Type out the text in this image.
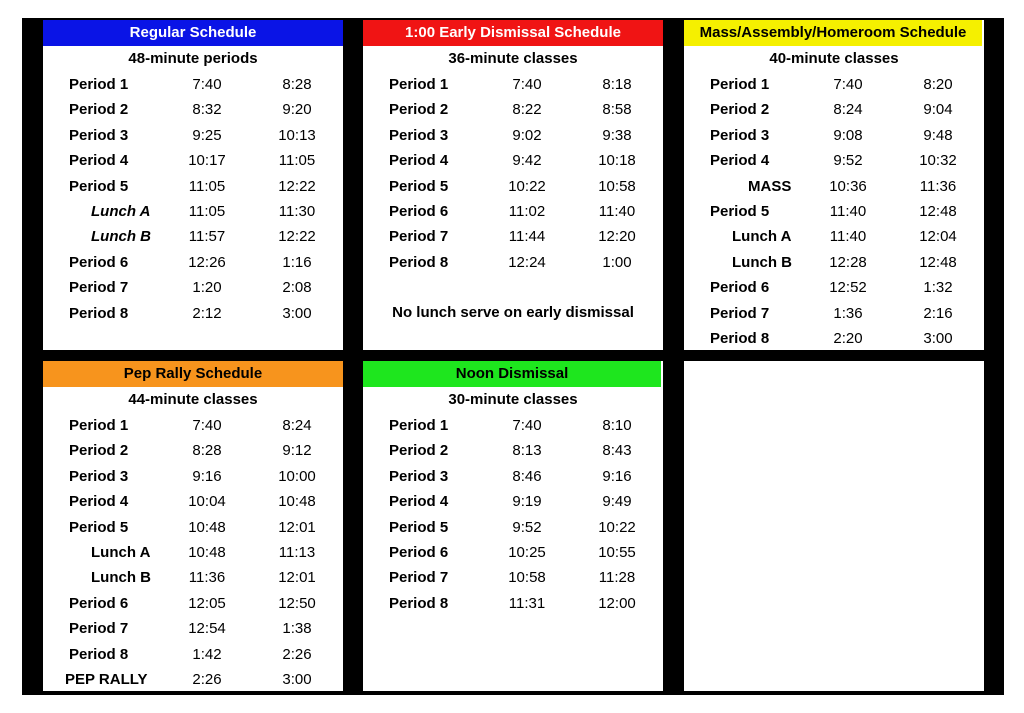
Regular Schedule
48-minute periods
Period 1	7:40	8:28
Period 2	8:32	9:20
Period 3	9:25	10:13
Period 4	10:17	11:05
Period 5	11:05	12:22
Lunch A	11:05	11:30
Lunch B	11:57	12:22
Period 6	12:26	1:16
Period 7	1:20	2:08
Period 8	2:12	3:00
1:00 Early Dismissal Schedule
36-minute classes
Period 1	7:40	8:18
Period 2	8:22	8:58
Period 3	9:02	9:38
Period 4	9:42	10:18
Period 5	10:22	10:58
Period 6	11:02	11:40
Period 7	11:44	12:20
Period 8	12:24	1:00
No lunch serve on early dismissal
Mass/Assembly/Homeroom Schedule
40-minute classes
Period 1	7:40	8:20
Period 2	8:24	9:04
Period 3	9:08	9:48
Period 4	9:52	10:32
MASS	10:36	11:36
Period 5	11:40	12:48
Lunch A	11:40	12:04
Lunch B	12:28	12:48
Period 6	12:52	1:32
Period 7	1:36	2:16
Period 8	2:20	3:00
Pep Rally Schedule
44-minute classes
Period 1	7:40	8:24
Period 2	8:28	9:12
Period 3	9:16	10:00
Period 4	10:04	10:48
Period 5	10:48	12:01
Lunch A	10:48	11:13
Lunch B	11:36	12:01
Period 6	12:05	12:50
Period 7	12:54	1:38
Period 8	1:42	2:26
PEP RALLY	2:26	3:00
Noon Dismissal
30-minute classes
Period 1	7:40	8:10
Period 2	8:13	8:43
Period 3	8:46	9:16
Period 4	9:19	9:49
Period 5	9:52	10:22
Period 6	10:25	10:55
Period 7	10:58	11:28
Period 8	11:31	12:00
